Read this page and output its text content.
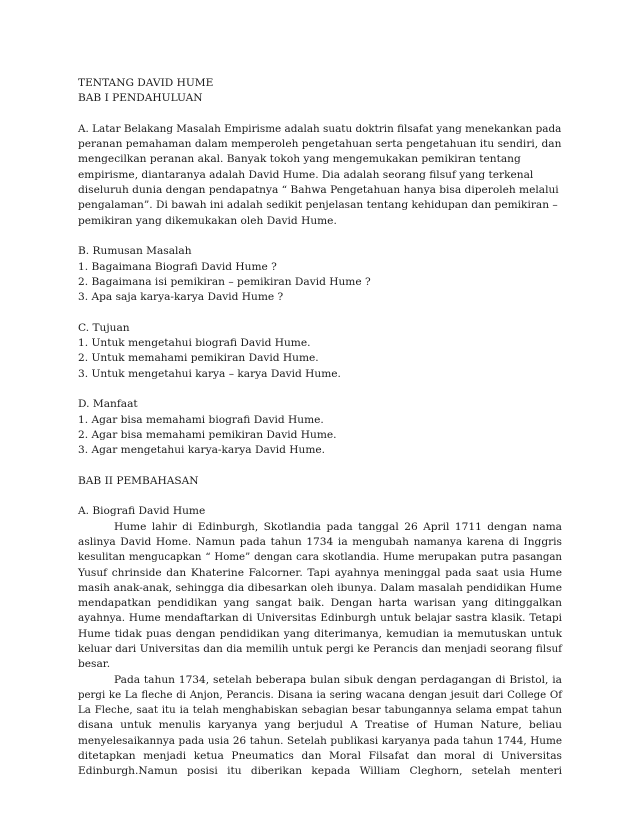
TENTANG DAVID HUME
BAB I PENDAHULUAN
A. Latar Belakang Masalah Empirisme adalah suatu doktrin filsafat yang menekankan pada
peranan pemahaman dalam memperoleh pengetahuan serta pengetahuan itu sendiri, dan
mengecilkan peranan akal. Banyak tokoh yang mengemukakan pemikiran tentang
empirisme, diantaranya adalah David Hume. Dia adalah seorang filsuf yang terkenal
diseluruh dunia dengan pendapatnya “ Bahwa Pengetahuan hanya bisa diperoleh melalui
pengalaman”. Di bawah ini adalah sedikit penjelasan tentang kehidupan dan pemikiran –
pemikiran yang dikemukakan oleh David Hume.
B. Rumusan Masalah
1. Bagaimana Biografi David Hume ?
2. Bagaimana isi pemikiran – pemikiran David Hume ?
3. Apa saja karya-karya David Hume ?
C. Tujuan
1. Untuk mengetahui biografi David Hume.
2. Untuk memahami pemikiran David Hume.
3. Untuk mengetahui karya – karya David Hume.
D. Manfaat
1. Agar bisa memahami biografi David Hume.
2. Agar bisa memahami pemikiran David Hume.
3. Agar mengetahui karya-karya David Hume.
BAB II PEMBAHASAN
A. Biografi David Hume
Hume lahir di Edinburgh, Skotlandia pada tanggal 26 April 1711 dengan nama
aslinya David Home. Namun pada tahun 1734 ia mengubah namanya karena di Inggris
kesulitan mengucapkan “ Home” dengan cara skotlandia. Hume merupakan putra pasangan
Yusuf chrinside dan Khaterine Falcorner. Tapi ayahnya meninggal pada saat usia Hume
masih anak-anak, sehingga dia dibesarkan oleh ibunya. Dalam masalah pendidikan Hume
mendapatkan pendidikan yang sangat baik. Dengan harta warisan yang ditinggalkan
ayahnya. Hume mendaftarkan di Universitas Edinburgh untuk belajar sastra klasik. Tetapi
Hume tidak puas dengan pendidikan yang diterimanya, kemudian ia memutuskan untuk
keluar dari Universitas dan dia memilih untuk pergi ke Perancis dan menjadi seorang filsuf
besar.
Pada tahun 1734, setelah beberapa bulan sibuk dengan perdagangan di Bristol, ia
pergi ke La fleche di Anjon, Perancis. Disana ia sering wacana dengan jesuit dari College Of
La Fleche, saat itu ia telah menghabiskan sebagian besar tabungannya selama empat tahun
disana untuk menulis karyanya yang berjudul A Treatise of Human Nature, beliau
menyelesaikannya pada usia 26 tahun. Setelah publikasi karyanya pada tahun 1744, Hume
ditetapkan menjadi ketua Pneumatics dan Moral Filsafat dan moral di Universitas
Edinburgh.Namun posisi itu diberikan kepada William Cleghorn, setelah menteri
